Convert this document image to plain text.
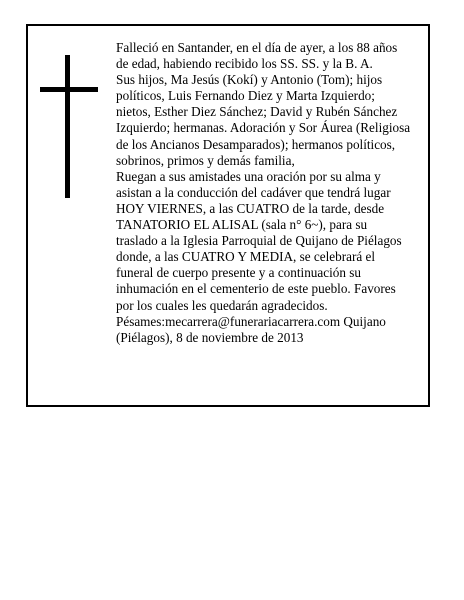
Falleció en Santander, en el día de ayer, a los 88 años
de edad, habiendo recibido los SS. SS. y la B. A.
Sus hijos, Ma Jesús (Kokí) y Antonio (Tom); hijos
políticos, Luis Fernando Diez y Marta Izquierdo;
nietos, Esther Diez Sánchez; David y Rubén Sánchez
Izquierdo; hermanas. Adoración y Sor Áurea (Religiosa
de los Ancianos Desamparados); hermanos políticos,
sobrinos, primos y demás familia,
Ruegan a sus amistades una oración por su alma y
asistan a la conducción del cadáver que tendrá lugar
HOY VIERNES, a las CUATRO de la tarde, desde
TANATORIO EL ALISAL (sala n° 6~), para su
traslado a la Iglesia Parroquial de Quijano de Piélagos
donde, a las CUATRO Y MEDIA, se celebrará el
funeral de cuerpo presente y a continuación su
inhumación en el cementerio de este pueblo. Favores
por los cuales les quedarán agradecidos.
Pésames:mecarrera@funerariacarrera.com Quijano
(Piélagos), 8 de noviembre de 2013
